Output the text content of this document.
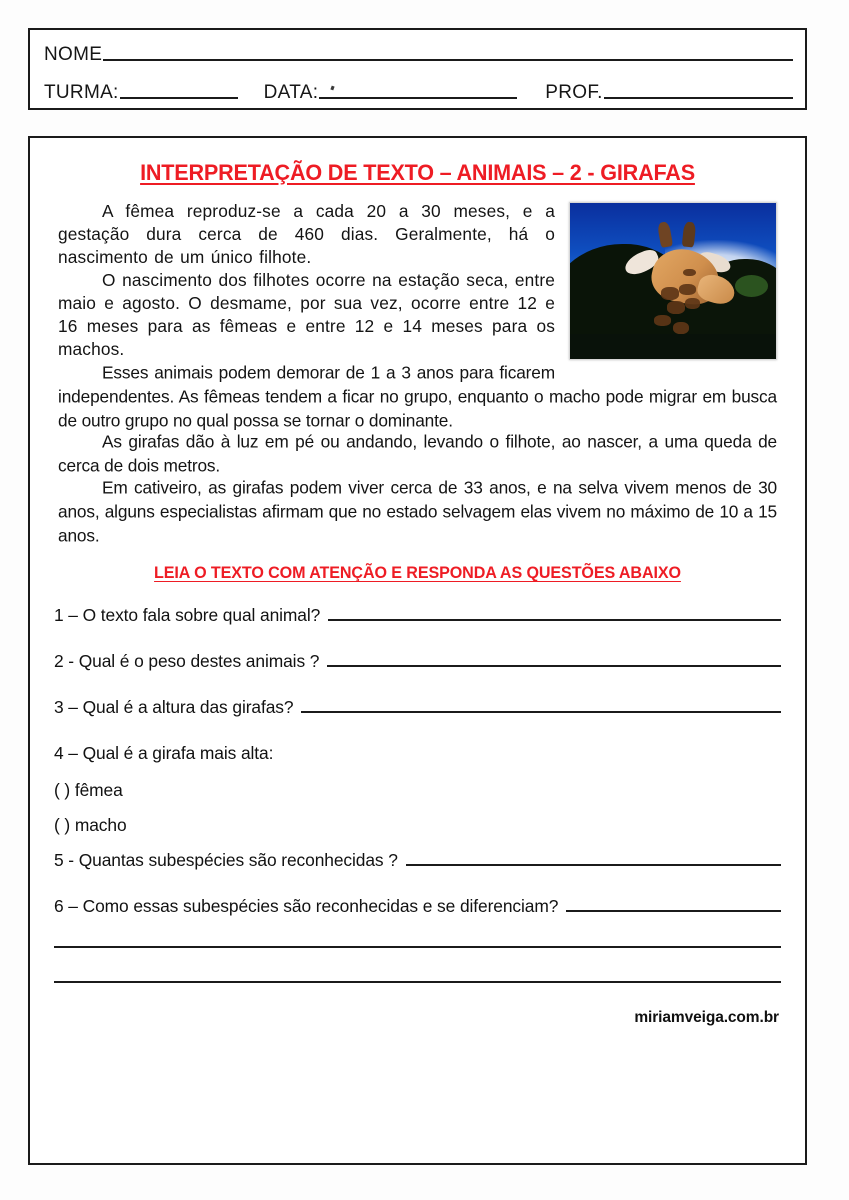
NOME
TURMA:	DATA:	PROF.
INTERPRETAÇÃO DE TEXTO – ANIMAIS – 2 - GIRAFAS

A fêmea reproduz-se a cada 20 a 30 meses, e a gestação dura cerca de 460 dias. Geralmente, há o nascimento de um único filhote.

O nascimento dos filhotes ocorre na estação seca, entre maio e agosto. O desmame, por sua vez, ocorre entre 12 e 16 meses para as fêmeas e entre 12 e 14 meses para os machos.

Esses animais podem demorar de 1 a 3 anos para ficarem independentes. As fêmeas tendem a ficar no grupo, enquanto o macho pode migrar em busca de outro grupo no qual possa se tornar o dominante.

As girafas dão à luz em pé ou andando, levando o filhote, ao nascer, a uma queda de cerca de dois metros.

Em cativeiro, as girafas podem viver cerca de 33 anos, e na selva vivem menos de 30 anos, alguns especialistas afirmam que no estado selvagem elas vivem no máximo de 10 a 15 anos.

LEIA O TEXTO COM ATENÇÃO E RESPONDA AS QUESTÕES ABAIXO
1 – O texto fala sobre qual animal?
2 - Qual é o peso destes animais ?
3 – Qual é a altura das girafas?
4 – Qual é a girafa mais alta:
( ) fêmea
( ) macho
5 - Quantas subespécies são reconhecidas ?
6 – Como essas subespécies são reconhecidas e se diferenciam?
miriamveiga.com.br
